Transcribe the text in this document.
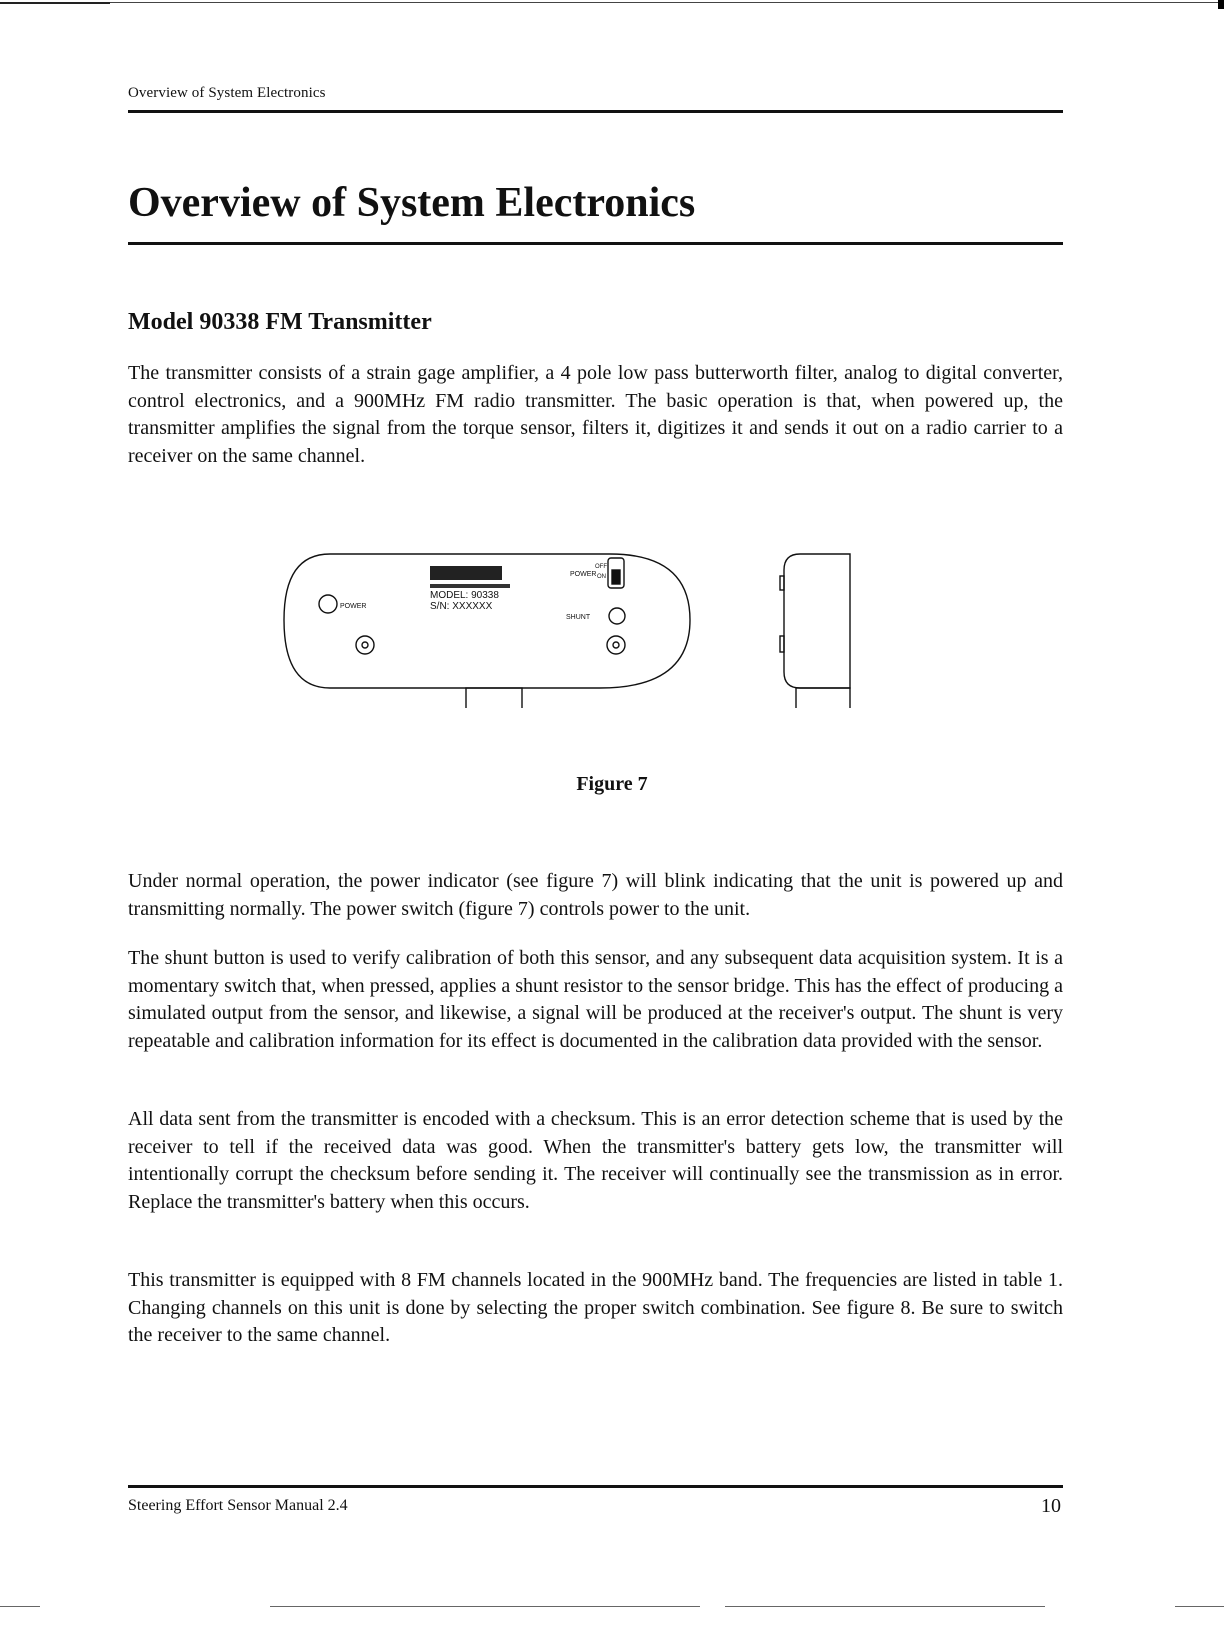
Overview of System Electronics
Overview of System Electronics
Model 90338 FM Transmitter

The transmitter consists of a strain gage amplifier, a 4 pole low pass butterworth filter, analog to digital converter, control electronics, and a 900MHz FM radio transmitter. The basic operation is that, when powered up, the transmitter amplifies the signal from the torque sensor, filters it, digitizes it and sends it out on a radio carrier to a receiver on the same channel.

POWER
MODEL: 90338
S/N: XXXXXX
POWER
OFF
ON
SHUNT
Figure 7

Under normal operation, the power indicator (see figure 7) will blink indicating that the unit is powered up and transmitting normally. The power switch (figure 7) controls power to the unit.

The shunt button is used to verify calibration of both this sensor, and any subsequent data acquisition system. It is a momentary switch that, when pressed, applies a shunt resistor to the sensor bridge. This has the effect of producing a simulated output from the sensor, and likewise, a signal will be produced at the receiver's output. The shunt is very repeatable and calibration information for its effect is documented in the calibration data provided with the sensor.

All data sent from the transmitter is encoded with a checksum. This is an error detection scheme that is used by the receiver to tell if the received data was good. When the transmitter's battery gets low, the transmitter will intentionally corrupt the checksum before sending it. The receiver will continually see the transmission as in error. Replace the transmitter's battery when this occurs.

This transmitter is equipped with 8 FM channels located in the 900MHz band. The frequencies are listed in table 1. Changing channels on this unit is done by selecting the proper switch combination. See figure 8. Be sure to switch the receiver to the same channel.

Steering Effort Sensor Manual 2.4	10
